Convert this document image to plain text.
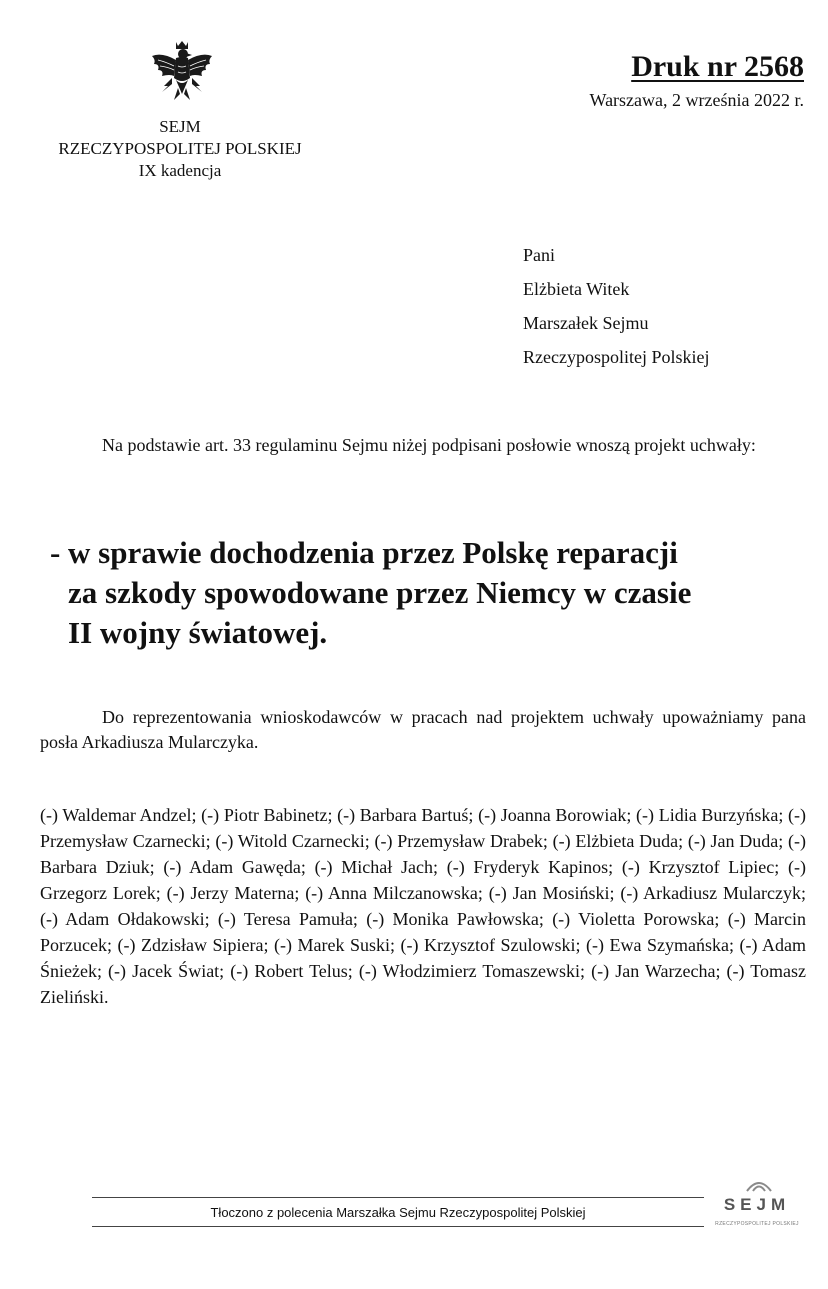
SEJM
RZECZYPOSPOLITEJ POLSKIEJ
IX kadencja
Druk nr 2568
Warszawa, 2 września 2022 r.
Pani
Elżbieta Witek
Marszałek Sejmu
Rzeczypospolitej Polskiej
Na podstawie art. 33 regulaminu Sejmu niżej podpisani posłowie wnoszą projekt uchwały:
- w sprawie dochodzenia przez Polskę reparacji
za szkody spowodowane przez Niemcy w czasie
II wojny światowej.
Do reprezentowania wnioskodawców w pracach nad projektem uchwały upoważniamy pana posła Arkadiusza Mularczyka.
(-) Waldemar Andzel; (-) Piotr Babinetz; (-) Barbara Bartuś; (-) Joanna Borowiak; (-) Lidia Burzyńska; (-) Przemysław Czarnecki; (-) Witold Czarnecki; (-) Przemysław Drabek; (-) Elżbieta Duda; (-) Jan Duda; (-) Barbara Dziuk; (-) Adam Gawęda; (-) Michał Jach; (-) Fryderyk Kapinos; (-) Krzysztof Lipiec; (-) Grzegorz Lorek; (-) Jerzy Materna; (-) Anna Milczanowska; (-) Jan Mosiński; (-) Arkadiusz Mularczyk; (-) Adam Ołdakowski; (-) Teresa Pamuła; (-) Monika Pawłowska; (-) Violetta Porowska; (-) Marcin Porzucek; (-) Zdzisław Sipiera; (-) Marek Suski; (-) Krzysztof Szulowski; (-) Ewa Szymańska; (-) Adam Śnieżek; (-) Jacek Świat; (-) Robert Telus; (-) Włodzimierz Tomaszewski; (-) Jan Warzecha; (-) Tomasz Zieliński.
Tłoczono z polecenia Marszałka Sejmu Rzeczypospolitej Polskiej	SEJM
RZECZYPOSPOLITEJ POLSKIEJ
